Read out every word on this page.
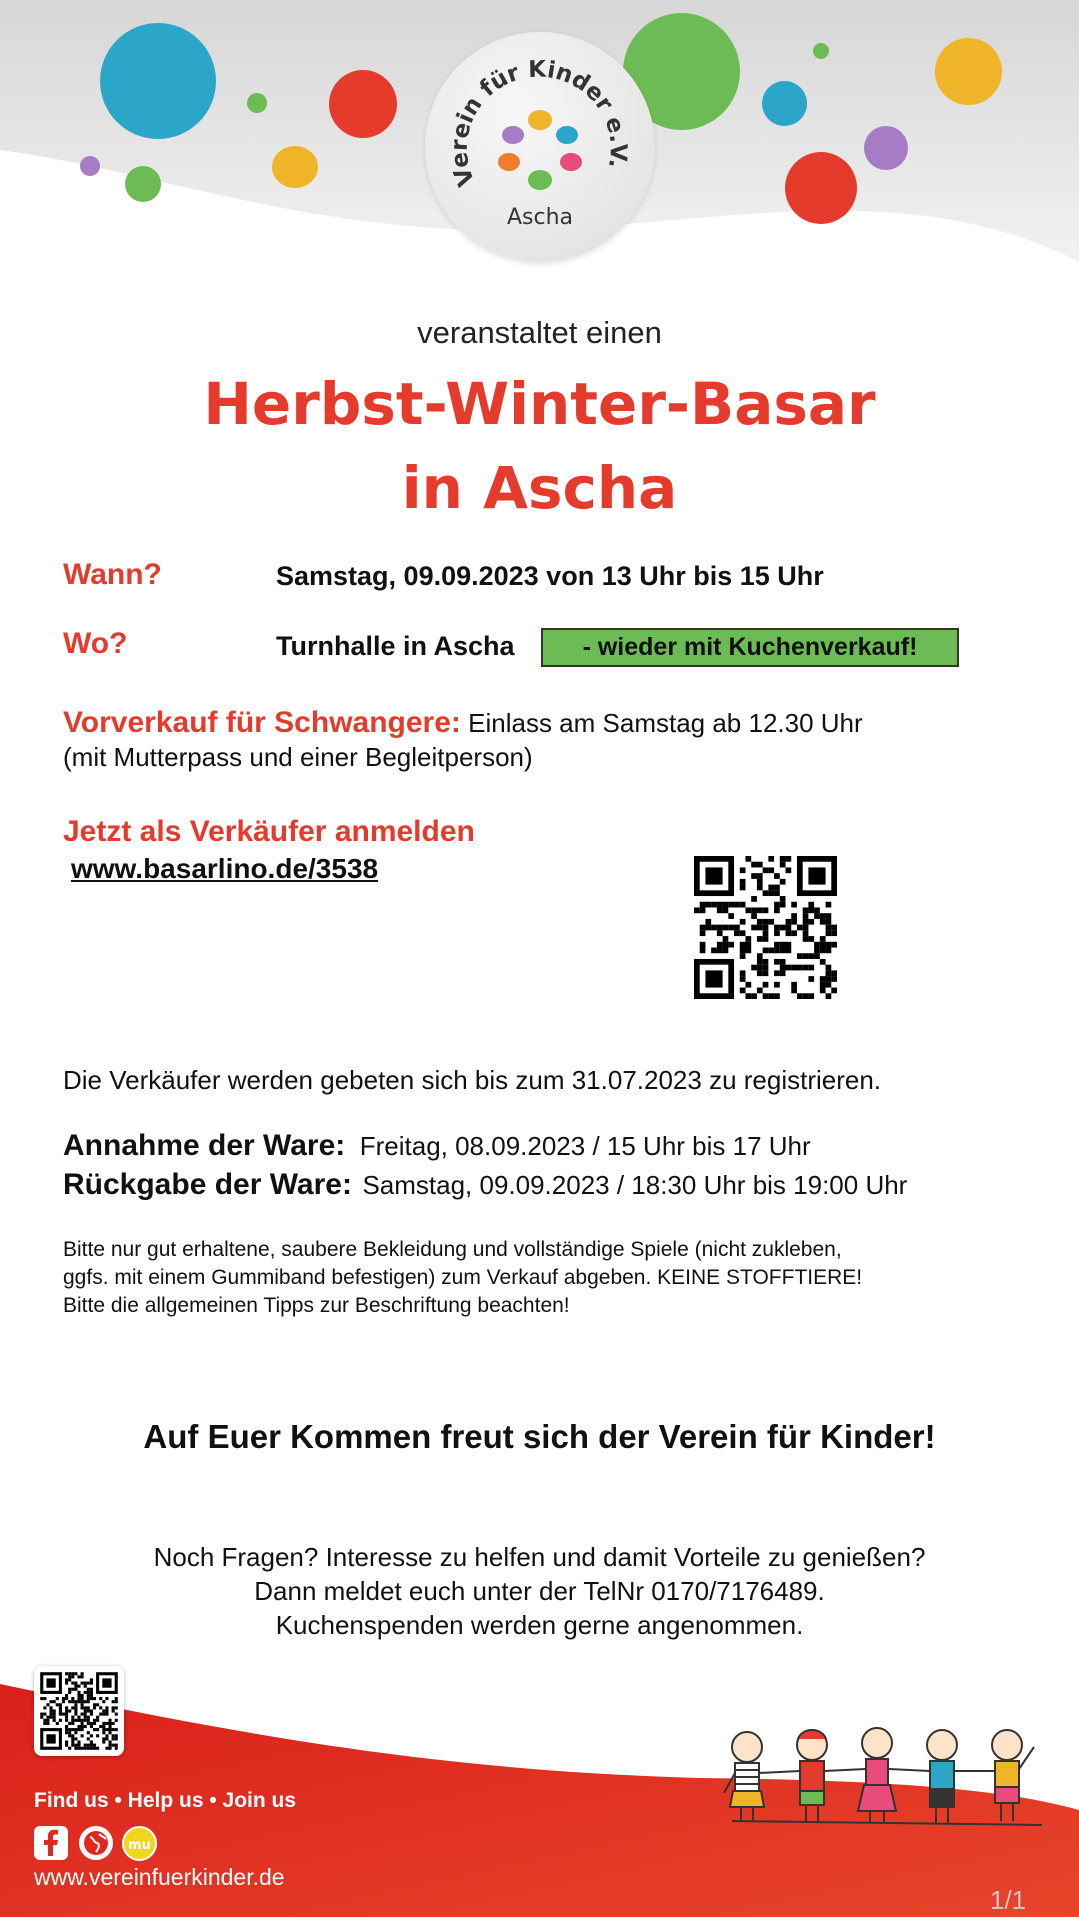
Verein für Kinder e.V.
Ascha
veranstaltet einen
Herbst-Winter-Basar
in Ascha
Wann?	Samstag, 09.09.2023 von 13 Uhr bis 15 Uhr
Wo?	Turnhalle in Ascha	- wieder mit Kuchenverkauf!
Vorverkauf für Schwangere: Einlass am Samstag ab 12.30 Uhr
(mit Mutterpass und einer Begleitperson)
Jetzt als Verkäufer anmelden
www.basarlino.de/3538
Die Verkäufer werden gebeten sich bis zum 31.07.2023 zu registrieren.
Annahme der Ware: Freitag, 08.09.2023 / 15 Uhr bis 17 Uhr
Rückgabe der Ware: Samstag, 09.09.2023 / 18:30 Uhr bis 19:00 Uhr
Bitte nur gut erhaltene, saubere Bekleidung und vollständige Spiele (nicht zukleben,
ggfs. mit einem Gummiband befestigen) zum Verkauf abgeben. KEINE STOFFTIERE!
Bitte die allgemeinen Tipps zur Beschriftung beachten!
Auf Euer Kommen freut sich der Verein für Kinder!
Noch Fragen? Interesse zu helfen und damit Vorteile zu genießen?
Dann meldet euch unter der TelNr 0170/7176489.
Kuchenspenden werden gerne angenommen.
Find us • Help us • Join us
mu
www.vereinfuerkinder.de
1/1
